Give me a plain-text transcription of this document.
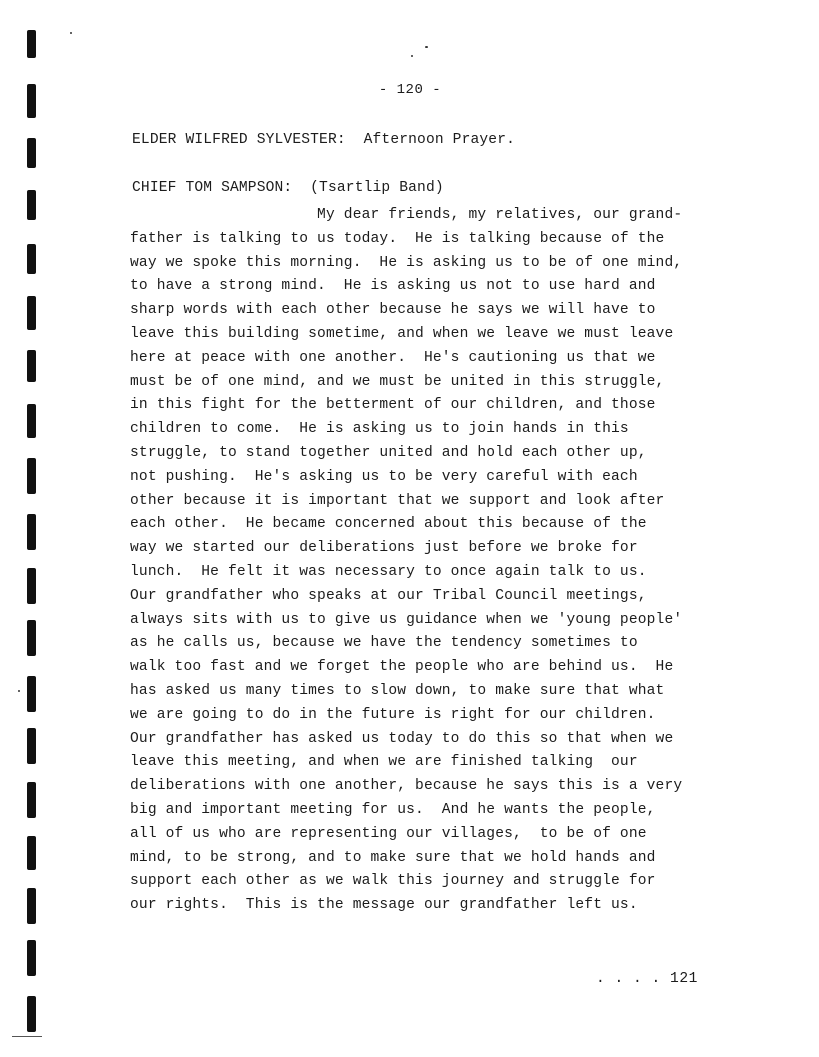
- 120 -
ELDER WILFRED SYLVESTER:  Afternoon Prayer.
CHIEF TOM SAMPSON:  (Tsartlip Band)
My dear friends, my relatives, our grand-
father is talking to us today.  He is talking because of the
way we spoke this morning.  He is asking us to be of one mind,
to have a strong mind.  He is asking us not to use hard and
sharp words with each other because he says we will have to
leave this building sometime, and when we leave we must leave
here at peace with one another.  He's cautioning us that we
must be of one mind, and we must be united in this struggle,
in this fight for the betterment of our children, and those
children to come.  He is asking us to join hands in this
struggle, to stand together united and hold each other up,
not pushing.  He's asking us to be very careful with each
other because it is important that we support and look after
each other.  He became concerned about this because of the
way we started our deliberations just before we broke for
lunch.  He felt it was necessary to once again talk to us.
Our grandfather who speaks at our Tribal Council meetings,
always sits with us to give us guidance when we 'young people'
as he calls us, because we have the tendency sometimes to
walk too fast and we forget the people who are behind us.  He
has asked us many times to slow down, to make sure that what
we are going to do in the future is right for our children.
Our grandfather has asked us today to do this so that when we
leave this meeting, and when we are finished talking  our
deliberations with one another, because he says this is a very
big and important meeting for us.  And he wants the people,
all of us who are representing our villages,  to be of one
mind, to be strong, and to make sure that we hold hands and
support each other as we walk this journey and struggle for
our rights.  This is the message our grandfather left us.
. . . . 121
